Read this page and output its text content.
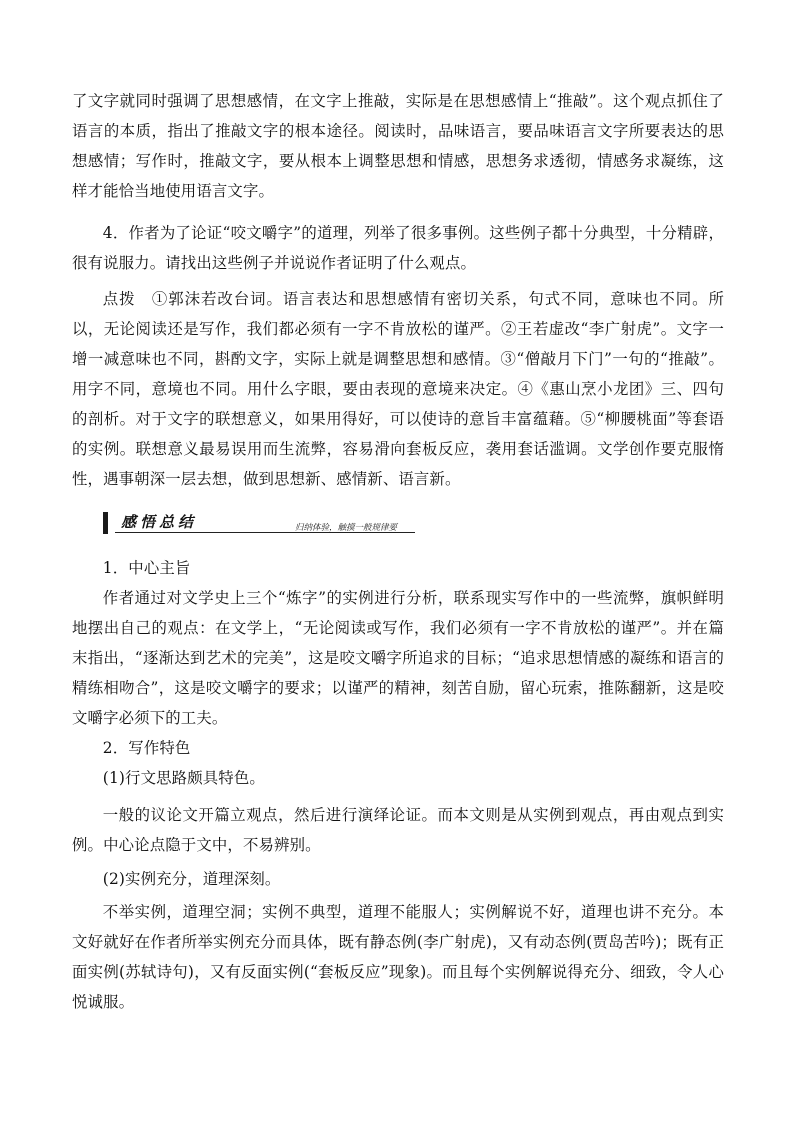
了文字就同时强调了思想感情，在文字上推敲，实际是在思想感情上“推敲”。这个观点抓住了语言的本质，指出了推敲文字的根本途径。阅读时，品味语言，要品味语言文字所要表达的思想感情；写作时，推敲文字，要从根本上调整思想和情感，思想务求透彻，情感务求凝练，这样才能恰当地使用语言文字。

4．作者为了论证“咬文嚼字”的道理，列举了很多事例。这些例子都十分典型，十分精辟，很有说服力。请找出这些例子并说说作者证明了什么观点。

点拨　①郭沫若改台词。语言表达和思想感情有密切关系，句式不同，意味也不同。所以，无论阅读还是写作，我们都必须有一字不肯放松的谨严。②王若虚改“李广射虎”。文字一增一减意味也不同，斟酌文字，实际上就是调整思想和感情。③“僧敲月下门”一句的“推敲”。用字不同，意境也不同。用什么字眼，要由表现的意境来决定。④《惠山烹小龙团》三、四句的剖析。对于文字的联想意义，如果用得好，可以使诗的意旨丰富蕴藉。⑤“柳腰桃面”等套语的实例。联想意义最易误用而生流弊，容易滑向套板反应，袭用套话滥调。文学创作要克服惰性，遇事朝深一层去想，做到思想新、感情新、语言新。

感悟总结	归纳体验，触摸一般规律要

1．中心主旨

作者通过对文学史上三个“炼字”的实例进行分析，联系现实写作中的一些流弊，旗帜鲜明地摆出自己的观点：在文学上，“无论阅读或写作，我们必须有一字不肯放松的谨严”。并在篇末指出，“逐渐达到艺术的完美”，这是咬文嚼字所追求的目标；“追求思想情感的凝练和语言的精练相吻合”，这是咬文嚼字的要求；以谨严的精神，刻苦自励，留心玩索，推陈翻新，这是咬文嚼字必须下的工夫。

2．写作特色

(1)行文思路颇具特色。

一般的议论文开篇立观点，然后进行演绎论证。而本文则是从实例到观点，再由观点到实例。中心论点隐于文中，不易辨别。

(2)实例充分，道理深刻。

不举实例，道理空洞；实例不典型，道理不能服人；实例解说不好，道理也讲不充分。本文好就好在作者所举实例充分而具体，既有静态例(李广射虎)，又有动态例(贾岛苦吟)；既有正面实例(苏轼诗句)，又有反面实例(“套板反应”现象)。而且每个实例解说得充分、细致，令人心悦诚服。
